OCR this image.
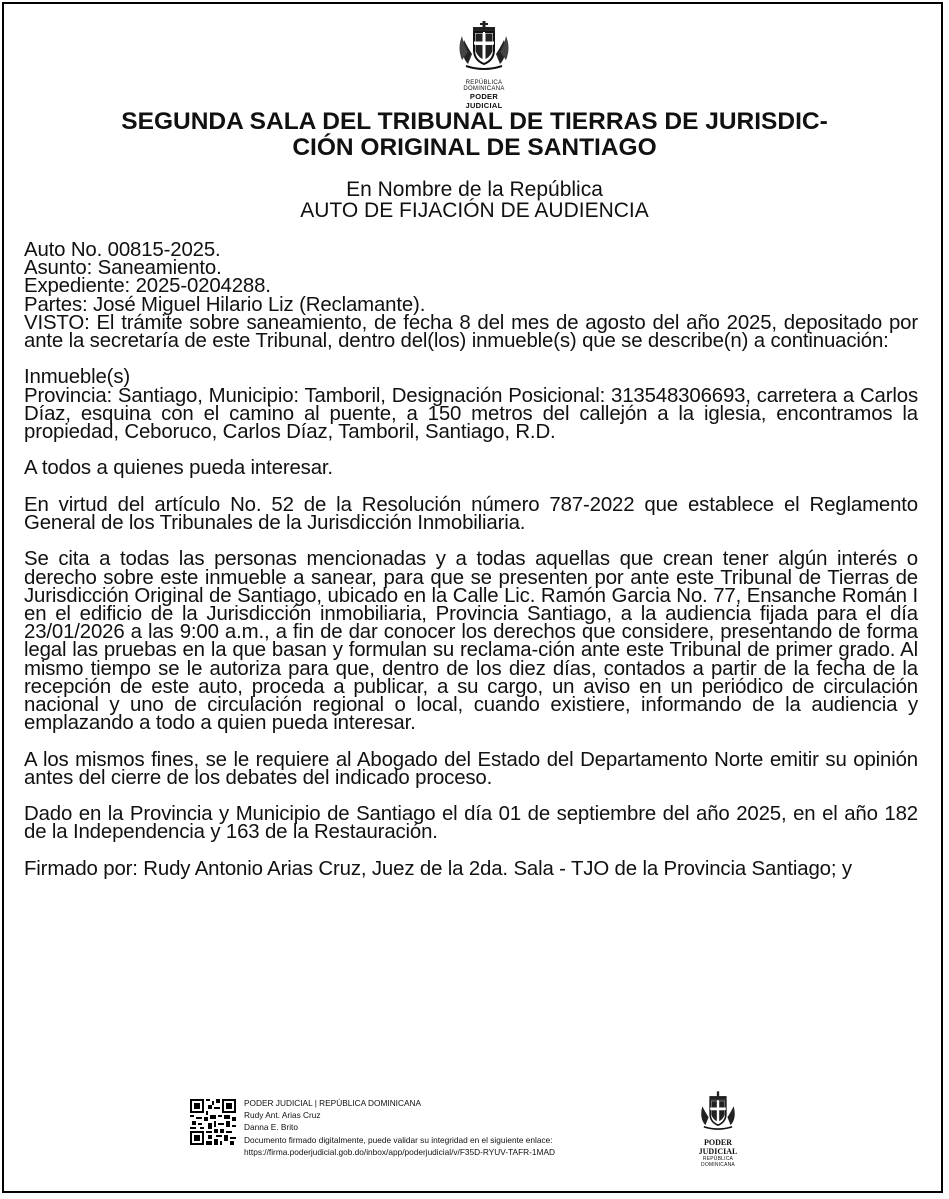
REPÚBLICA DOMINICANA
PODER JUDICIAL
SEGUNDA SALA DEL TRIBUNAL DE TIERRAS DE JURISDIC-
CIÓN ORIGINAL DE SANTIAGO
En Nombre de la República
AUTO DE FIJACIÓN DE AUDIENCIA

Auto No. 00815-2025.
Asunto: Saneamiento.
Expediente: 2025-0204288.
Partes: José Miguel Hilario Liz (Reclamante).
VISTO: El trámite sobre saneamiento, de fecha 8 del mes de agosto del año 2025, depositado por ante la secretaría de este Tribunal, dentro del(los) inmueble(s) que se describe(n) a continuación:

Inmueble(s)
Provincia: Santiago, Municipio: Tamboril, Designación Posicional: 313548306693, carretera a Carlos Díaz, esquina con el camino al puente, a 150 metros del callejón a la iglesia, encontramos la propiedad, Ceboruco, Carlos Díaz, Tamboril, Santiago, R.D.

A todos a quienes pueda interesar.

En virtud del artículo No. 52 de la Resolución número 787-2022 que establece el Reglamento General de los Tribunales de la Jurisdicción Inmobiliaria.

Se cita a todas las personas mencionadas y a todas aquellas que crean tener algún interés o derecho sobre este inmueble a sanear, para que se presenten por ante este Tribunal de Tierras de Jurisdicción Original de Santiago, ubicado en la Calle Lic. Ramón Garcia No. 77, Ensanche Román I en el edificio de la Jurisdicción inmobiliaria, Provincia Santiago, a la audiencia fijada para el día 23/01/2026 a las 9:00 a.m., a fin de dar conocer los derechos que considere, presentando de forma legal las pruebas en la que basan y formulan su reclama-ción ante este Tribunal de primer grado. Al mismo tiempo se le autoriza para que, dentro de los diez días, contados a partir de la fecha de la recepción de este auto, proceda a publicar, a su cargo, un aviso en un periódico de circulación nacional y uno de circulación regional o local, cuando existiere, informando de la audiencia y emplazando a todo a quien pueda interesar.

A los mismos fines, se le requiere al Abogado del Estado del Departamento Norte emitir su opinión antes del cierre de los debates del indicado proceso.

Dado en la Provincia y Municipio de Santiago el día 01 de septiembre del año 2025, en el año 182 de la Independencia y 163 de la Restauración.

Firmado por: Rudy Antonio Arias Cruz, Juez de la 2da. Sala - TJO de la Provincia Santiago; y

PODER JUDICIAL | REPÚBLICA DOMINICANA
Rudy Ant. Arias Cruz
Danna E. Brito
Documento firmado digitalmente, puede validar su integridad en el siguiente enlace:
https://firma.poderjudicial.gob.do/inbox/app/poderjudicial/v/F35D-RYUV-TAFR-1MAD
PODER JUDICIAL
REPÚBLICA DOMINICANA
